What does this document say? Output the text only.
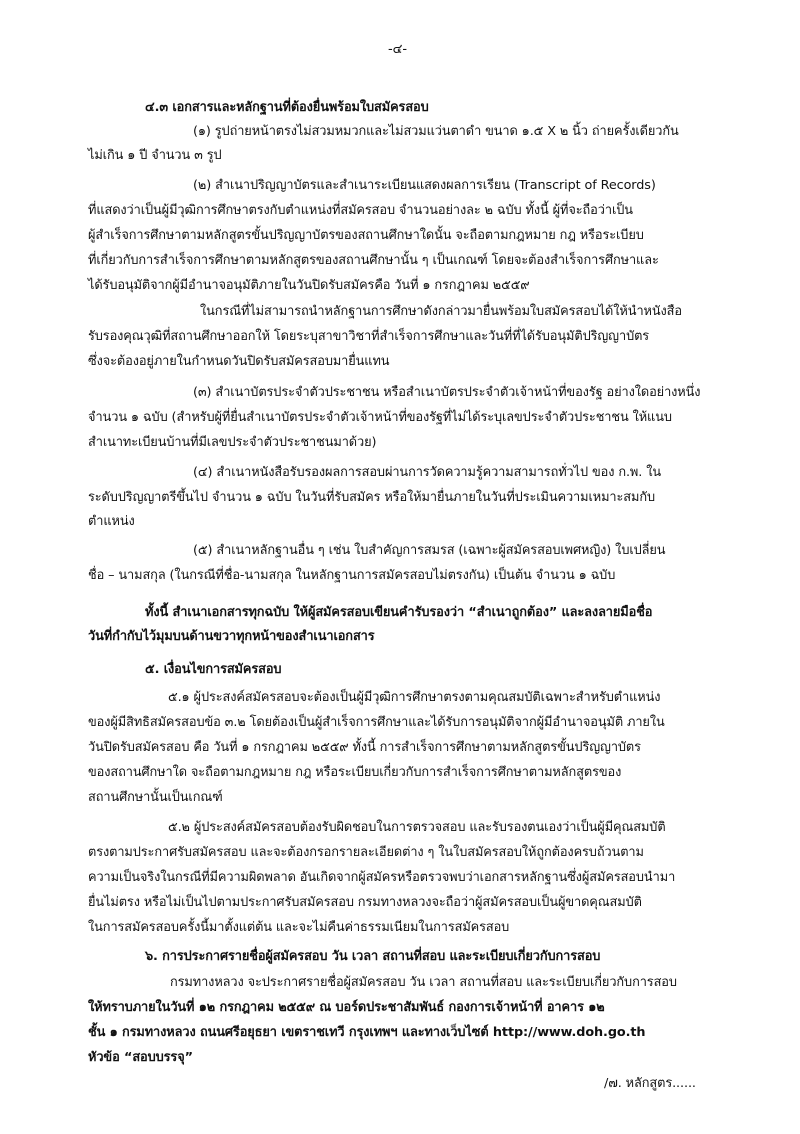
-๔-
๔.๓ เอกสารและหลักฐานที่ต้องยื่นพร้อมใบสมัครสอบ
(๑) รูปถ่ายหน้าตรงไม่สวมหมวกและไม่สวมแว่นตาดำ ขนาด ๑.๕ X ๒ นิ้ว ถ่ายครั้งเดียวกัน
ไม่เกิน ๑ ปี จำนวน ๓ รูป
(๒) สำเนาปริญญาบัตรและสำเนาระเบียนแสดงผลการเรียน (Transcript of Records)
ที่แสดงว่าเป็นผู้มีวุฒิการศึกษาตรงกับตำแหน่งที่สมัครสอบ จำนวนอย่างละ ๒ ฉบับ ทั้งนี้ ผู้ที่จะถือว่าเป็น
ผู้สำเร็จการศึกษาตามหลักสูตรขั้นปริญญาบัตรของสถานศึกษาใดนั้น จะถือตามกฎหมาย กฎ หรือระเบียบ
ที่เกี่ยวกับการสำเร็จการศึกษาตามหลักสูตรของสถานศึกษานั้น ๆ เป็นเกณฑ์ โดยจะต้องสำเร็จการศึกษาและ
ได้รับอนุมัติจากผู้มีอำนาจอนุมัติภายในวันปิดรับสมัครคือ วันที่ ๑ กรกฎาคม ๒๕๕๙
ในกรณีที่ไม่สามารถนำหลักฐานการศึกษาดังกล่าวมายื่นพร้อมใบสมัครสอบได้ให้นำหนังสือ
รับรองคุณวุฒิที่สถานศึกษาออกให้ โดยระบุสาขาวิชาที่สำเร็จการศึกษาและวันที่ที่ได้รับอนุมัติปริญญาบัตร
ซึ่งจะต้องอยู่ภายในกำหนดวันปิดรับสมัครสอบมายื่นแทน
(๓) สำเนาบัตรประจำตัวประชาชน หรือสำเนาบัตรประจำตัวเจ้าหน้าที่ของรัฐ อย่างใดอย่างหนึ่ง
จำนวน ๑ ฉบับ (สำหรับผู้ที่ยื่นสำเนาบัตรประจำตัวเจ้าหน้าที่ของรัฐที่ไม่ได้ระบุเลขประจำตัวประชาชน ให้แนบ
สำเนาทะเบียนบ้านที่มีเลขประจำตัวประชาชนมาด้วย)
(๔) สำเนาหนังสือรับรองผลการสอบผ่านการวัดความรู้ความสามารถทั่วไป ของ ก.พ. ใน
ระดับปริญญาตรีขึ้นไป จำนวน ๑ ฉบับ ในวันที่รับสมัคร หรือให้มายื่นภายในวันที่ประเมินความเหมาะสมกับ
ตำแหน่ง
(๕) สำเนาหลักฐานอื่น ๆ เช่น ใบสำคัญการสมรส (เฉพาะผู้สมัครสอบเพศหญิง) ใบเปลี่ยน
ชื่อ – นามสกุล (ในกรณีที่ชื่อ-นามสกุล ในหลักฐานการสมัครสอบไม่ตรงกัน) เป็นต้น จำนวน ๑ ฉบับ
ทั้งนี้ สำเนาเอกสารทุกฉบับ ให้ผู้สมัครสอบเขียนคำรับรองว่า “สำเนาถูกต้อง” และลงลายมือชื่อ
วันที่กำกับไว้มุมบนด้านขวาทุกหน้าของสำเนาเอกสาร
๕. เงื่อนไขการสมัครสอบ
๕.๑ ผู้ประสงค์สมัครสอบจะต้องเป็นผู้มีวุฒิการศึกษาตรงตามคุณสมบัติเฉพาะสำหรับตำแหน่ง
ของผู้มีสิทธิสมัครสอบข้อ ๓.๒ โดยต้องเป็นผู้สำเร็จการศึกษาและได้รับการอนุมัติจากผู้มีอำนาจอนุมัติ ภายใน
วันปิดรับสมัครสอบ คือ วันที่ ๑ กรกฎาคม ๒๕๕๙ ทั้งนี้ การสำเร็จการศึกษาตามหลักสูตรขั้นปริญญาบัตร
ของสถานศึกษาใด จะถือตามกฎหมาย กฎ หรือระเบียบเกี่ยวกับการสำเร็จการศึกษาตามหลักสูตรของ
สถานศึกษานั้นเป็นเกณฑ์
๕.๒ ผู้ประสงค์สมัครสอบต้องรับผิดชอบในการตรวจสอบ และรับรองตนเองว่าเป็นผู้มีคุณสมบัติ
ตรงตามประกาศรับสมัครสอบ และจะต้องกรอกรายละเอียดต่าง ๆ ในใบสมัครสอบให้ถูกต้องครบถ้วนตาม
ความเป็นจริงในกรณีที่มีความผิดพลาด อันเกิดจากผู้สมัครหรือตรวจพบว่าเอกสารหลักฐานซึ่งผู้สมัครสอบนำมา
ยื่นไม่ตรง หรือไม่เป็นไปตามประกาศรับสมัครสอบ กรมทางหลวงจะถือว่าผู้สมัครสอบเป็นผู้ขาดคุณสมบัติ
ในการสมัครสอบครั้งนี้มาตั้งแต่ต้น และจะไม่คืนค่าธรรมเนียมในการสมัครสอบ
๖. การประกาศรายชื่อผู้สมัครสอบ วัน เวลา สถานที่สอบ และระเบียบเกี่ยวกับการสอบ
กรมทางหลวง จะประกาศรายชื่อผู้สมัครสอบ วัน เวลา สถานที่สอบ และระเบียบเกี่ยวกับการสอบ
ให้ทราบภายในวันที่ ๑๒ กรกฎาคม ๒๕๕๙ ณ บอร์ดประชาสัมพันธ์ กองการเจ้าหน้าที่ อาคาร ๑๒
ชั้น ๑ กรมทางหลวง ถนนศรีอยุธยา เขตราชเทวี กรุงเทพฯ และทางเว็บไซต์ http://www.doh.go.th
หัวข้อ “สอบบรรจุ”
/๗. หลักสูตร......
